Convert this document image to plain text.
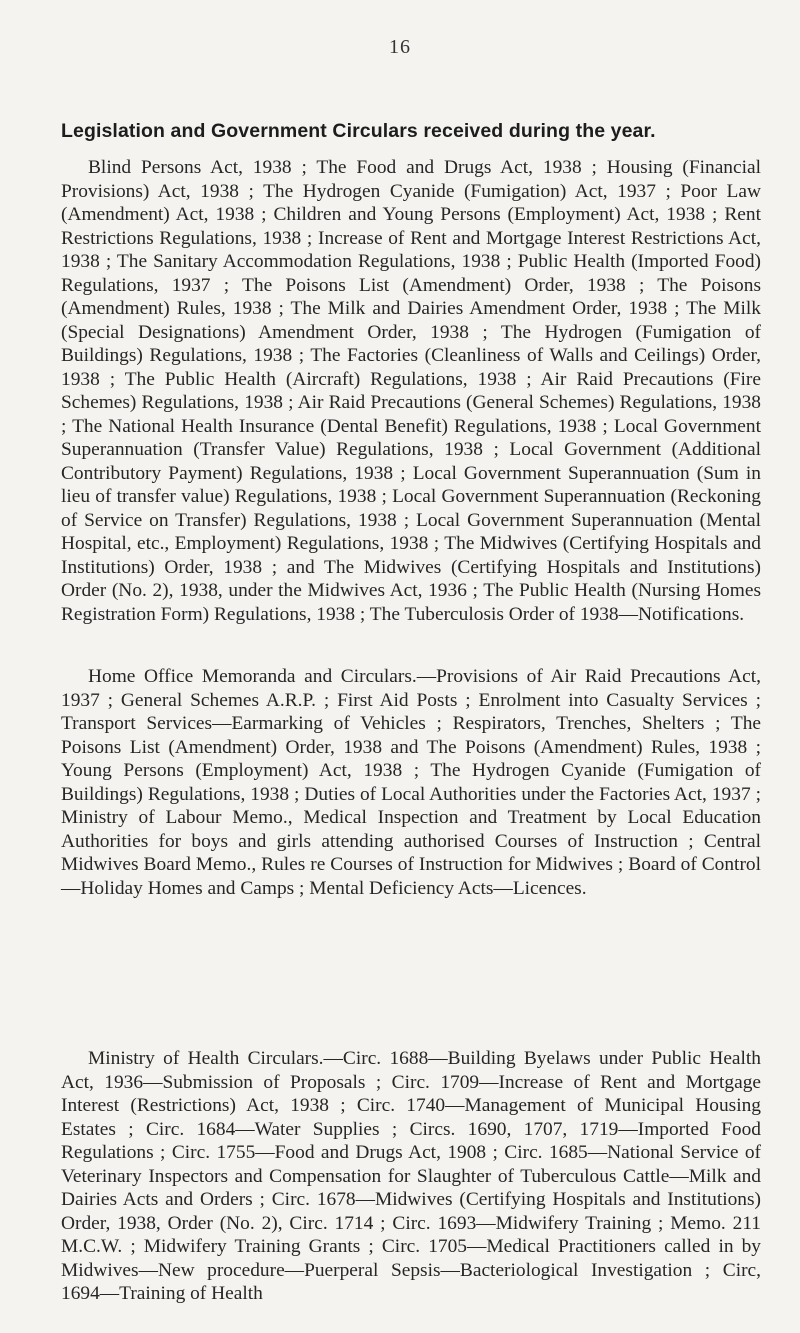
16
Legislation and Government Circulars received during the year.

Blind Persons Act, 1938 ; The Food and Drugs Act, 1938 ; Housing (Financial Provisions) Act, 1938 ; The Hydrogen Cyanide (Fumigation) Act, 1937 ; Poor Law (Amendment) Act, 1938 ; Children and Young Persons (Employment) Act, 1938 ; Rent Restrictions Regulations, 1938 ; Increase of Rent and Mortgage Interest Restrictions Act, 1938 ; The Sanitary Accommodation Regulations, 1938 ; Public Health (Imported Food) Regulations, 1937 ; The Poisons List (Amendment) Order, 1938 ; The Poisons (Amendment) Rules, 1938 ; The Milk and Dairies Amendment Order, 1938 ; The Milk (Special Designations) Amendment Order, 1938 ; The Hydrogen (Fumigation of Buildings) Regulations, 1938 ; The Factories (Cleanliness of Walls and Ceilings) Order, 1938 ; The Public Health (Aircraft) Regulations, 1938 ; Air Raid Precautions (Fire Schemes) Regulations, 1938 ; Air Raid Precautions (General Schemes) Regulations, 1938 ; The National Health Insurance (Dental Benefit) Regulations, 1938 ; Local Government Superannuation (Transfer Value) Regulations, 1938 ; Local Government (Additional Contributory Payment) Regulations, 1938 ; Local Government Superannuation (Sum in lieu of transfer value) Regulations, 1938 ; Local Government Superannuation (Reckoning of Service on Transfer) Regulations, 1938 ; Local Government Superannuation (Mental Hospital, etc., Employment) Regulations, 1938 ; The Midwives (Certifying Hospitals and Institutions) Order, 1938 ; and The Midwives (Certifying Hospitals and Institutions) Order (No. 2), 1938, under the Midwives Act, 1936 ; The Public Health (Nursing Homes Registration Form) Regulations, 1938 ; The Tuberculosis Order of 1938—Notifications.

Home Office Memoranda and Circulars.—Provisions of Air Raid Precautions Act, 1937 ; General Schemes A.R.P. ; First Aid Posts ; Enrolment into Casualty Services ; Transport Services—Earmarking of Vehicles ; Respirators, Trenches, Shelters ; The Poisons List (Amendment) Order, 1938 and The Poisons (Amendment) Rules, 1938 ; Young Persons (Employment) Act, 1938 ; The Hydrogen Cyanide (Fumigation of Buildings) Regulations, 1938 ; Duties of Local Authorities under the Factories Act, 1937 ; Ministry of Labour Memo., Medical Inspection and Treatment by Local Education Authorities for boys and girls attending authorised Courses of Instruction ; Central Midwives Board Memo., Rules re Courses of Instruction for Midwives ; Board of Control—Holiday Homes and Camps ; Mental Deficiency Acts—Licences.

Ministry of Health Circulars.—Circ. 1688—Building Byelaws under Public Health Act, 1936—Submission of Proposals ; Circ. 1709—Increase of Rent and Mortgage Interest (Restrictions) Act, 1938 ; Circ. 1740—Management of Municipal Housing Estates ; Circ. 1684—Water Supplies ; Circs. 1690, 1707, 1719—Imported Food Regulations ; Circ. 1755—Food and Drugs Act, 1908 ; Circ. 1685—National Service of Veterinary Inspectors and Compensation for Slaughter of Tuberculous Cattle—Milk and Dairies Acts and Orders ; Circ. 1678—Midwives (Certifying Hospitals and Institutions) Order, 1938, Order (No. 2), Circ. 1714 ; Circ. 1693—Midwifery Training ; Memo. 211 M.C.W. ; Midwifery Training Grants ; Circ. 1705—Medical Practitioners called in by Midwives—New procedure—Puerperal Sepsis—Bacteriological Investigation ; Circ, 1694—Training of Health
